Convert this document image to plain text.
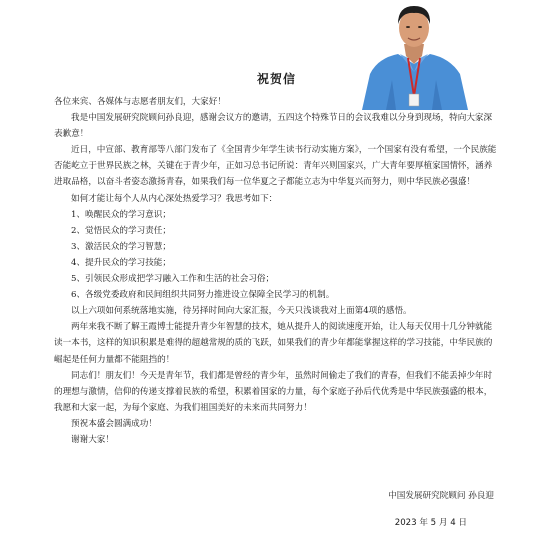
祝贺信

各位来宾、各媒体与志愿者朋友们，大家好！

我是中国发展研究院顾问孙良迎，感谢会议方的邀请，五四这个特殊节日的会议我难以分身到现场，特向大家深表歉意！

近日，中宣部、教育部等八部门发布了《全国青少年学生读书行动实施方案》，一个国家有没有希望，一个民族能否能屹立于世界民族之林，关键在于青少年，正如习总书记所说：青年兴则国家兴，广大青年要厚植家国情怀，涵养进取品格，以奋斗者姿态激扬青春，如果我们每一位华夏之子都能立志为中华复兴而努力，则中华民族必强盛！

如何才能让每个人从内心深处热爱学习？我思考如下：

1、唤醒民众的学习意识；

2、觉悟民众的学习责任；

3、激活民众的学习智慧；

4、提升民众的学习技能；

5、引领民众形成把学习融入工作和生活的社会习俗；

6、各级党委政府和民间组织共同努力推进设立保障全民学习的机制。

以上六项如何系统落地实施，待另择时间向大家汇报，今天只浅谈我对上面第4项的感悟。

两年来我不断了解王霞博士能提升青少年智慧的技术，她从提升人的阅读速度开始，让人每天仅用十几分钟就能读一本书，这样的知识积累是难得的超越常规的质的飞跃，如果我们的青少年都能掌握这样的学习技能，中华民族的崛起是任何力量都不能阻挡的！

同志们！朋友们！今天是青年节，我们都是曾经的青少年，虽然时间偷走了我们的青春，但我们不能丢掉少年时的理想与激情，信仰的传递支撑着民族的希望，积累着国家的力量，每个家庭子孙后代优秀是中华民族强盛的根本，我愿和大家一起，为每个家庭、为我们祖国美好的未来而共同努力！

预祝本盛会圆满成功！

谢谢大家！

中国发展研究院顾问 孙良迎
2023 年 5 月 4 日
